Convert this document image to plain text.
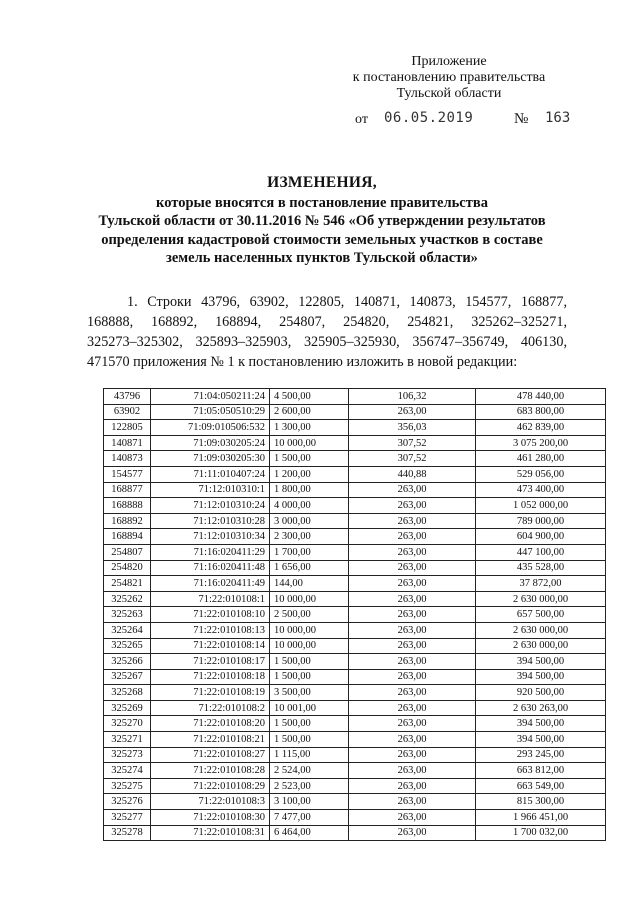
Приложение
к постановлению правительства
Тульской области
от 06.05.2019	№ 163
ИЗМЕНЕНИЯ,
которые вносятся в постановление правительства
Тульской области от 30.11.2016 № 546 «Об утверждении результатов
определения кадастровой стоимости земельных участков в составе
земель населенных пунктов Тульской области»
1. Строки 43796, 63902, 122805, 140871, 140873, 154577, 168877,
168888, 168892, 168894, 254807, 254820, 254821, 325262–325271,
325273–325302, 325893–325903, 325905–325930, 356747–356749, 406130,
471570 приложения № 1 к постановлению изложить в новой редакции:
43796	71:04:050211:24	4 500,00	106,32	478 440,00
63902	71:05:050510:29	2 600,00	263,00	683 800,00
122805	71:09:010506:532	1 300,00	356,03	462 839,00
140871	71:09:030205:24	10 000,00	307,52	3 075 200,00
140873	71:09:030205:30	1 500,00	307,52	461 280,00
154577	71:11:010407:24	1 200,00	440,88	529 056,00
168877	71:12:010310:1	1 800,00	263,00	473 400,00
168888	71:12:010310:24	4 000,00	263,00	1 052 000,00
168892	71:12:010310:28	3 000,00	263,00	789 000,00
168894	71:12:010310:34	2 300,00	263,00	604 900,00
254807	71:16:020411:29	1 700,00	263,00	447 100,00
254820	71:16:020411:48	1 656,00	263,00	435 528,00
254821	71:16:020411:49	144,00	263,00	37 872,00
325262	71:22:010108:1	10 000,00	263,00	2 630 000,00
325263	71:22:010108:10	2 500,00	263,00	657 500,00
325264	71:22:010108:13	10 000,00	263,00	2 630 000,00
325265	71:22:010108:14	10 000,00	263,00	2 630 000,00
325266	71:22:010108:17	1 500,00	263,00	394 500,00
325267	71:22:010108:18	1 500,00	263,00	394 500,00
325268	71:22:010108:19	3 500,00	263,00	920 500,00
325269	71:22:010108:2	10 001,00	263,00	2 630 263,00
325270	71:22:010108:20	1 500,00	263,00	394 500,00
325271	71:22:010108:21	1 500,00	263,00	394 500,00
325273	71:22:010108:27	1 115,00	263,00	293 245,00
325274	71:22:010108:28	2 524,00	263,00	663 812,00
325275	71:22:010108:29	2 523,00	263,00	663 549,00
325276	71:22:010108:3	3 100,00	263,00	815 300,00
325277	71:22:010108:30	7 477,00	263,00	1 966 451,00
325278	71:22:010108:31	6 464,00	263,00	1 700 032,00
